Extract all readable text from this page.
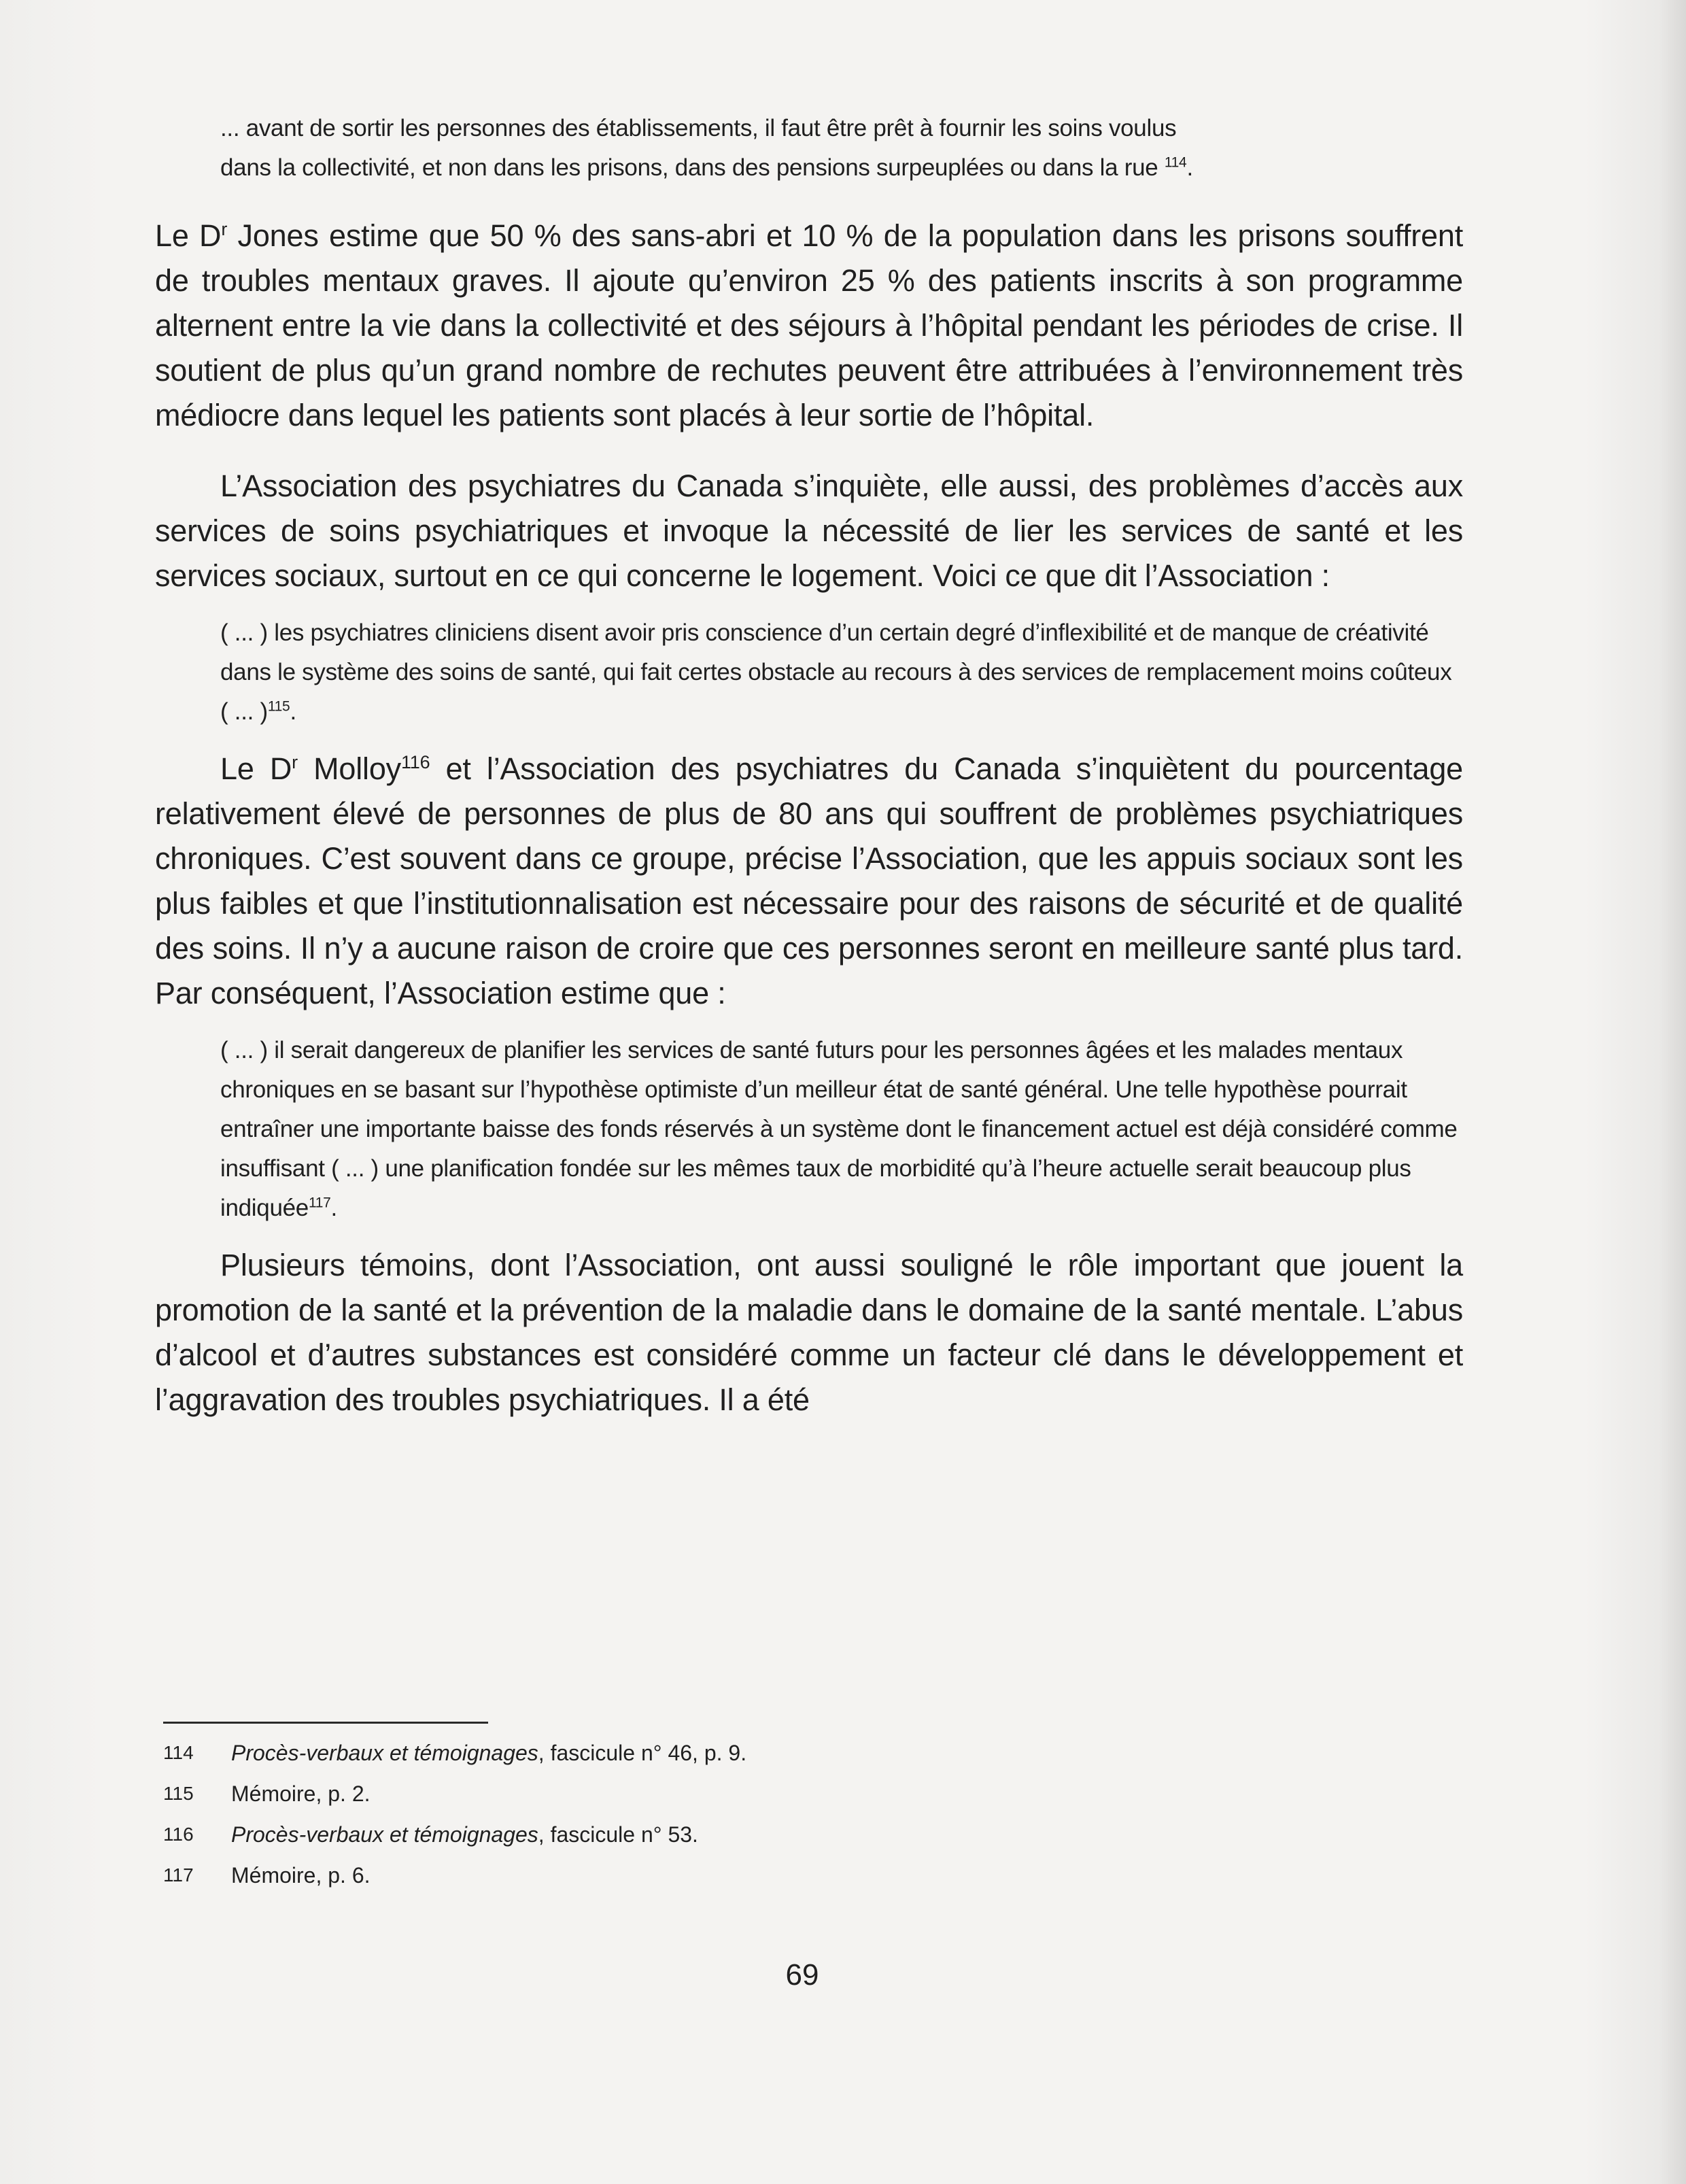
... avant de sortir les personnes des établissements, il faut être prêt à fournir les soins voulus
dans la collectivité, et non dans les prisons, dans des pensions surpeuplées ou dans la rue $^{114}$.

Le $D^r$ Jones estime que 50 % des sans-abri et 10 % de la population dans les prisons souffrent de troubles mentaux graves. Il ajoute qu’environ 25 % des patients inscrits à son programme alternent entre la vie dans la collectivité et des séjours à l’hôpital pendant les périodes de crise. Il soutient de plus qu’un grand nombre de rechutes peuvent être attribuées à l’environnement très médiocre dans lequel les patients sont placés à leur sortie de l’hôpital.

L’Association des psychiatres du Canada s’inquiète, elle aussi, des problèmes d’accès aux services de soins psychiatriques et invoque la nécessité de lier les services de santé et les services sociaux, surtout en ce qui concerne le logement. Voici ce que dit l’Association :

( ... ) les psychiatres cliniciens disent avoir pris conscience d’un certain degré d’inflexibilité et de manque de créativité dans le système des soins de santé, qui fait certes obstacle au recours à des services de remplacement moins coûteux ( ... )$^{115}$.

Le $D^r$ Molloy$^{116}$ et l’Association des psychiatres du Canada s’inquiètent du pourcentage relativement élevé de personnes de plus de 80 ans qui souffrent de problèmes psychiatriques chroniques. C’est souvent dans ce groupe, précise l’Association, que les appuis sociaux sont les plus faibles et que l’institutionnalisation est nécessaire pour des raisons de sécurité et de qualité des soins. Il n’y a aucune raison de croire que ces personnes seront en meilleure santé plus tard. Par conséquent, l’Association estime que :

( ... ) il serait dangereux de planifier les services de santé futurs pour les personnes âgées et les malades mentaux chroniques en se basant sur l’hypothèse optimiste d’un meilleur état de santé général. Une telle hypothèse pourrait entraîner une importante baisse des fonds réservés à un système dont le financement actuel est déjà considéré comme insuffisant ( ... ) une planification fondée sur les mêmes taux de morbidité qu’à l’heure actuelle serait beaucoup plus indiquée$^{117}$.

Plusieurs témoins, dont l’Association, ont aussi souligné le rôle important que jouent la promotion de la santé et la prévention de la maladie dans le domaine de la santé mentale. L’abus d’alcool et d’autres substances est considéré comme un facteur clé dans le développement et l’aggravation des troubles psychiatriques. Il a été

114	Procès-verbaux et témoignages, fascicule n° 46, p. 9.
115	Mémoire, p. 2.
116	Procès-verbaux et témoignages, fascicule n° 53.
117	Mémoire, p. 6.
69
